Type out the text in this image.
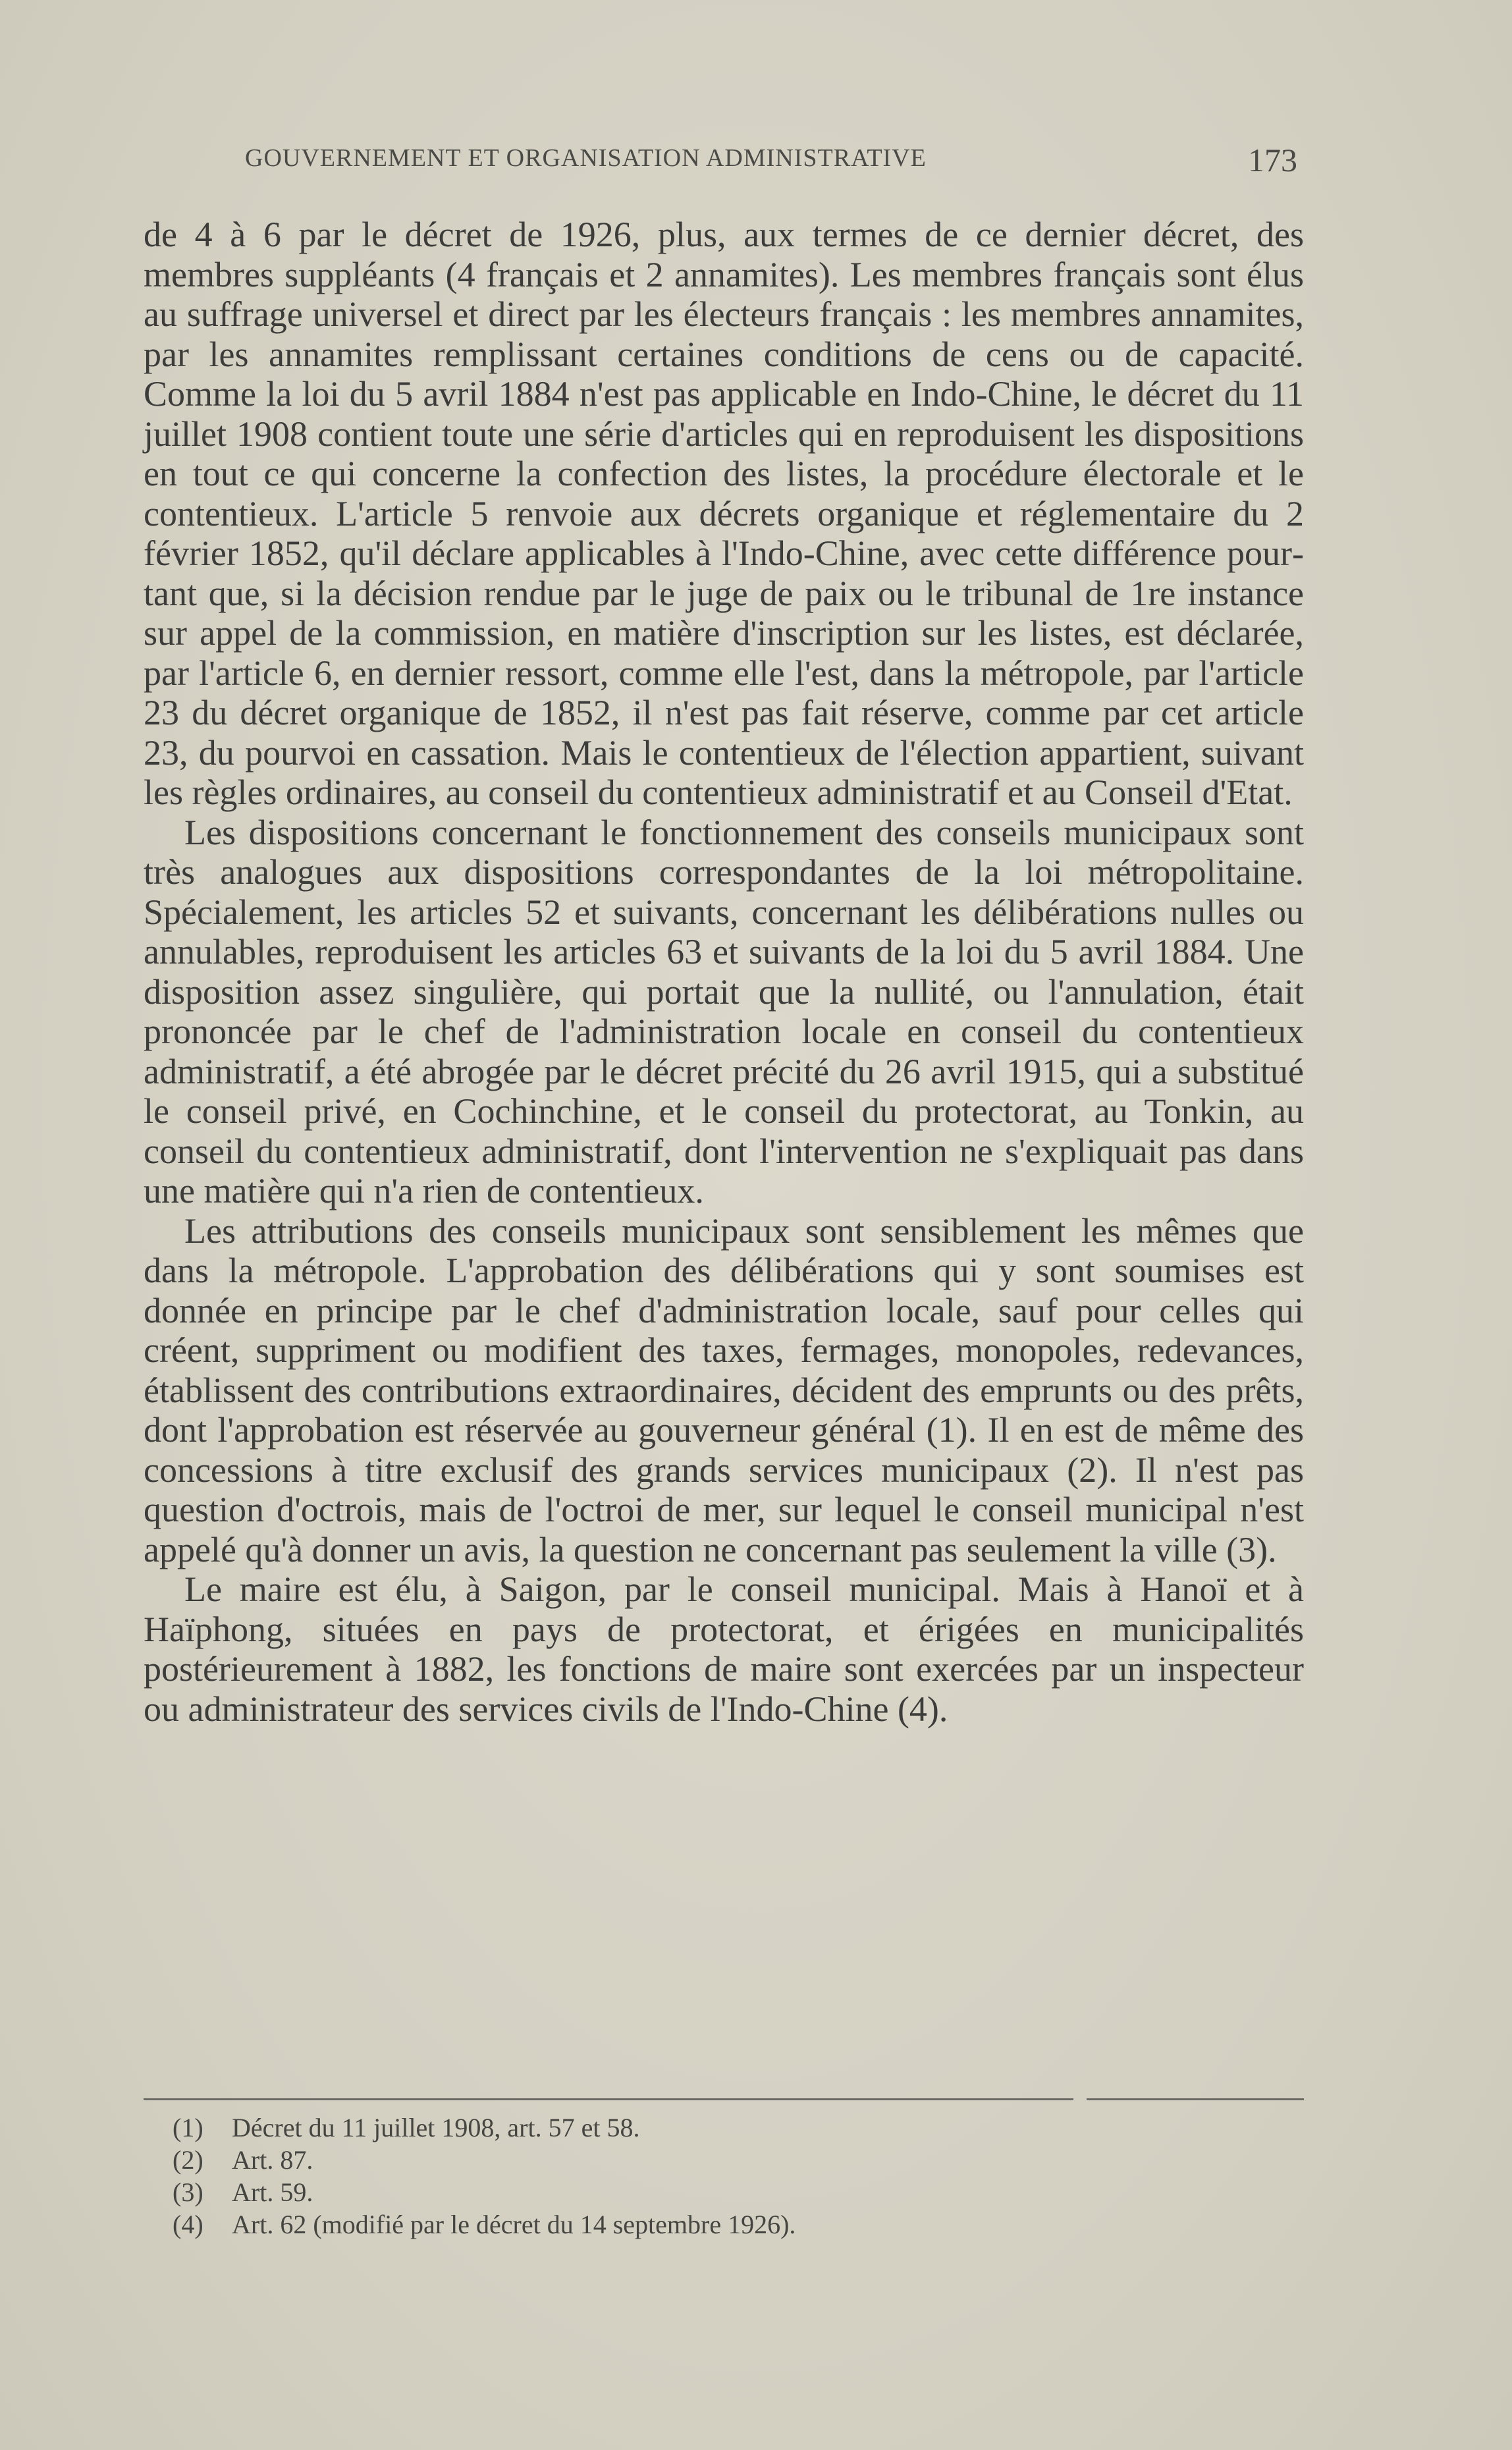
GOUVERNEMENT ET ORGANISATION ADMINISTRATIVE	173

de 4 à 6 par le décret de 1926, plus, aux termes de ce dernier décret, des membres suppléants (4 français et 2 annamites). Les membres français sont élus au suffrage universel et direct par les électeurs français : les membres annamites, par les annamites remplissant certaines conditions de cens ou de capacité. Comme la loi du 5 avril 1884 n'est pas applicable en Indo-Chine, le décret du 11 juillet 1908 contient toute une série d'articles qui en reproduisent les dispositions en tout ce qui concerne la confection des listes, la procédure électorale et le contentieux. L'article 5 renvoie aux décrets organique et réglementaire du 2 février 1852, qu'il déclare applicables à l'Indo-Chine, avec cette différence pourtant que, si la décision rendue par le juge de paix ou le tribunal de 1re instance sur appel de la commission, en matière d'inscription sur les listes, est déclarée, par l'article 6, en dernier ressort, comme elle l'est, dans la métropole, par l'article 23 du décret organique de 1852, il n'est pas fait réserve, comme par cet article 23, du pourvoi en cassation. Mais le contentieux de l'élection appartient, suivant les règles ordinaires, au conseil du contentieux administratif et au Conseil d'Etat.

Les dispositions concernant le fonctionnement des conseils municipaux sont très analogues aux dispositions correspondantes de la loi métropolitaine. Spécialement, les articles 52 et suivants, concernant les délibérations nulles ou annulables, reproduisent les articles 63 et suivants de la loi du 5 avril 1884. Une disposition assez singulière, qui portait que la nullité, ou l'annulation, était prononcée par le chef de l'administration locale en conseil du contentieux administratif, a été abrogée par le décret précité du 26 avril 1915, qui a substitué le conseil privé, en Cochinchine, et le conseil du protectorat, au Tonkin, au conseil du contentieux administratif, dont l'intervention ne s'expliquait pas dans une matière qui n'a rien de contentieux.

Les attributions des conseils municipaux sont sensiblement les mêmes que dans la métropole. L'approbation des délibérations qui y sont soumises est donnée en principe par le chef d'administration locale, sauf pour celles qui créent, suppriment ou modifient des taxes, fermages, monopoles, redevances, établissent des contributions extraordinaires, décident des emprunts ou des prêts, dont l'approbation est réservée au gouverneur général (1). Il en est de même des concessions à titre exclusif des grands services municipaux (2). Il n'est pas question d'octrois, mais de l'octroi de mer, sur lequel le conseil municipal n'est appelé qu'à donner un avis, la question ne concernant pas seulement la ville (3).

Le maire est élu, à Saigon, par le conseil municipal. Mais à Hanoï et à Haïphong, situées en pays de protectorat, et érigées en municipalités postérieurement à 1882, les fonctions de maire sont exercées par un inspecteur ou administrateur des services civils de l'Indo-Chine (4).

(1)	Décret du 11 juillet 1908, art. 57 et 58.
(2)	Art. 87.
(3)	Art. 59.
(4)	Art. 62 (modifié par le décret du 14 septembre 1926).
